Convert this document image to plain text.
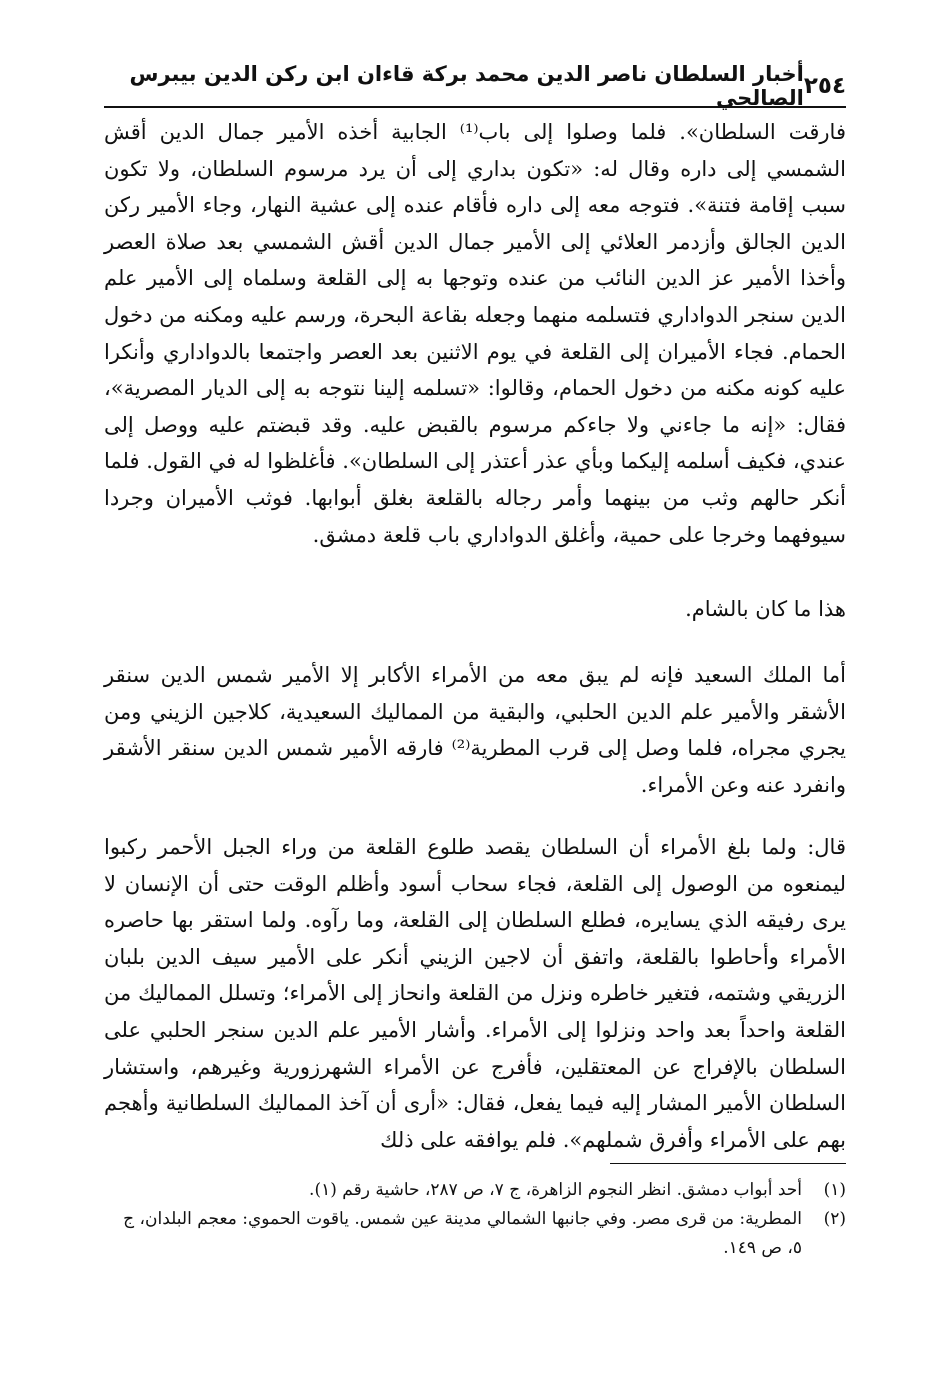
٢٥٤
أخبار السلطان ناصر الدين محمد بركة قاءان ابن ركن الدين بيبرس الصالحي

فارقت السلطان». فلما وصلوا إلى باب⁽¹⁾ الجابية أخذه الأمير جمال الدين أقش الشمسي إلى داره وقال له: «تكون بداري إلى أن يرد مرسوم السلطان، ولا تكون سبب إقامة فتنة». فتوجه معه إلى داره فأقام عنده إلى عشية النهار، وجاء الأمير ركن الدين الجالق وأزدمر العلائي إلى الأمير جمال الدين أقش الشمسي بعد صلاة العصر وأخذا الأمير عز الدين النائب من عنده وتوجها به إلى القلعة وسلماه إلى الأمير علم الدين سنجر الدواداري فتسلمه منهما وجعله بقاعة البحرة، ورسم عليه ومكنه من دخول الحمام. فجاء الأميران إلى القلعة في يوم الاثنين بعد العصر واجتمعا بالدواداري وأنكرا عليه كونه مكنه من دخول الحمام، وقالوا: «تسلمه إلينا نتوجه به إلى الديار المصرية»، فقال: «إنه ما جاءني ولا جاءكم مرسوم بالقبض عليه. وقد قبضتم عليه ووصل إلى عندي، فكيف أسلمه إليكما وبأي عذر أعتذر إلى السلطان». فأغلظوا له في القول. فلما أنكر حالهم وثب من بينهما وأمر رجاله بالقلعة بغلق أبوابها. فوثب الأميران وجردا سيوفهما وخرجا على حمية، وأغلق الدواداري باب قلعة دمشق.

هذا ما كان بالشام.

أما الملك السعيد فإنه لم يبق معه من الأمراء الأكابر إلا الأمير شمس الدين سنقر الأشقر والأمير علم الدين الحلبي، والبقية من المماليك السعيدية، كلاجين الزيني ومن يجري مجراه، فلما وصل إلى قرب المطرية⁽²⁾ فارقه الأمير شمس الدين سنقر الأشقر وانفرد عنه وعن الأمراء.

قال: ولما بلغ الأمراء أن السلطان يقصد طلوع القلعة من وراء الجبل الأحمر ركبوا ليمنعوه من الوصول إلى القلعة، فجاء سحاب أسود وأظلم الوقت حتى أن الإنسان لا يرى رفيقه الذي يسايره، فطلع السلطان إلى القلعة، وما رآوه. ولما استقر بها حاصره الأمراء وأحاطوا بالقلعة، واتفق أن لاجين الزيني أنكر على الأمير سيف الدين بلبان الزريقي وشتمه، فتغير خاطره ونزل من القلعة وانحاز إلى الأمراء؛ وتسلل المماليك من القلعة واحداً بعد واحد ونزلوا إلى الأمراء. وأشار الأمير علم الدين سنجر الحلبي على السلطان بالإفراج عن المعتقلين، فأفرج عن الأمراء الشهرزورية وغيرهم، واستشار السلطان الأمير المشار إليه فيما يفعل، فقال: «أرى أن آخذ المماليك السلطانية وأهجم بهم على الأمراء وأفرق شملهم». فلم يوافقه على ذلك

(١)
أحد أبواب دمشق. انظر النجوم الزاهرة، ج ٧، ص ٢٨٧، حاشية رقم (١).
(٢)
المطرية: من قرى مصر. وفي جانبها الشمالي مدينة عين شمس. ياقوت الحموي: معجم البلدان، ج ٥، ص ١٤٩.
